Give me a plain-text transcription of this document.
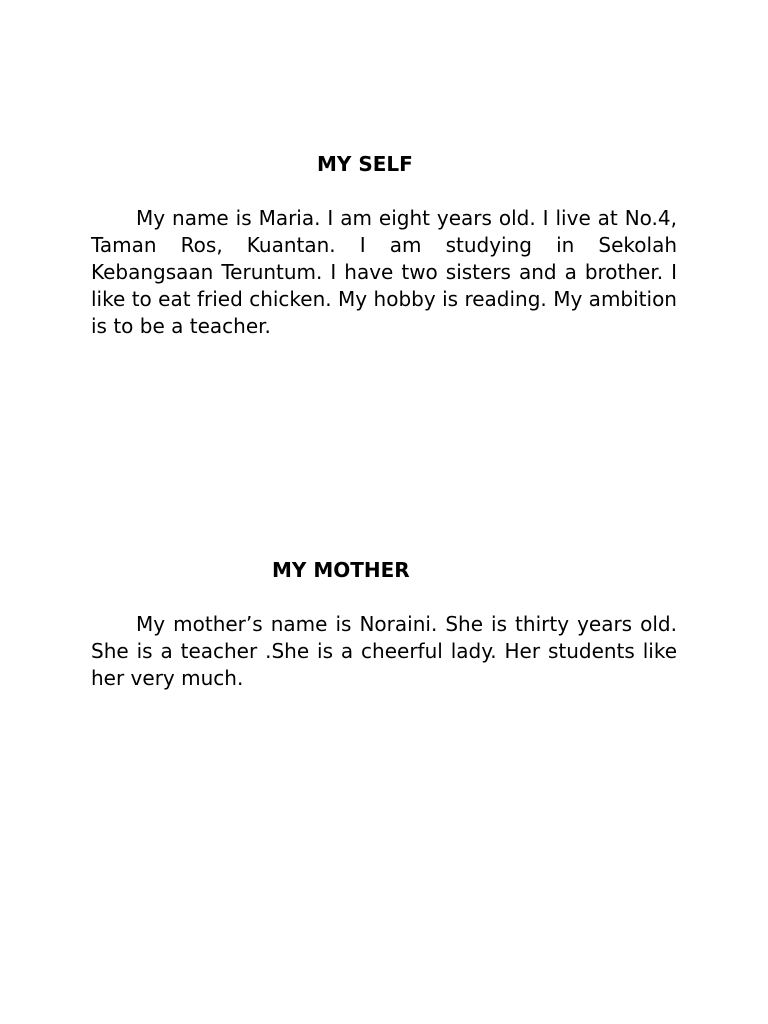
MY SELF

My name is Maria. I am eight years old. I live at No.4, Taman Ros, Kuantan. I am studying in Sekolah Kebangsaan Teruntum. I have two sisters and a brother. I like to eat fried chicken. My hobby is reading. My ambition is to be a teacher.

MY MOTHER

My mother’s name is Noraini. She is thirty years old. She is a teacher .She is a cheerful lady. Her students like her very much.
